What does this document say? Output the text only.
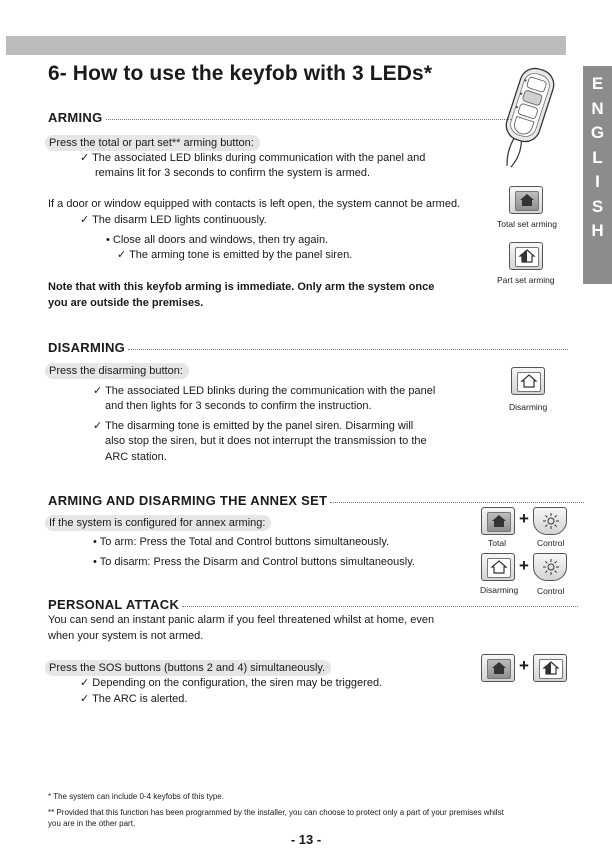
E
N
G
L
I
S
H
6- How to use the keyfob with 3 LEDs*
ARMING
Press the total or part set** arming button:
✓ The associated LED blinks during communication with the panel and
remains lit for 3 seconds to confirm the system is armed.
If a door or window equipped with contacts is left open, the system cannot be armed.
✓ The disarm LED lights continuously.
• Close all doors and windows, then try again.
✓ The arming tone is emitted by the panel siren.
Note that with this keyfob arming is immediate. Only arm the system once
you are outside the premises.
Total set arming
Part set arming
DISARMING
Press the disarming button:
✓ The associated LED blinks during the communication with the panel
and then lights for 3 seconds to confirm the instruction.
✓ The disarming tone is emitted by the panel siren. Disarming will
also stop the siren, but it does not interrupt the transmission to the
ARC station.
Disarming
ARMING AND DISARMING THE ANNEX SET
If the system is configured for annex arming:
• To arm: Press the Total and Control buttons simultaneously.
• To disarm: Press the Disarm and Control buttons simultaneously.
+
Total	Control
+
Disarming Control
PERSONAL ATTACK
You can send an instant panic alarm if you feel threatened whilst at home, even
when your system is not armed.
Press the SOS buttons (buttons 2 and 4) simultaneously.
✓ Depending on the configuration, the siren may be triggered.
✓ The ARC is alerted.
+
* The system can include 0-4 keyfobs of this type.
** Provided that this function has been programmed by the installer, you can choose to protect only a part of your premises whilst
you are in the other part.
- 13 -
